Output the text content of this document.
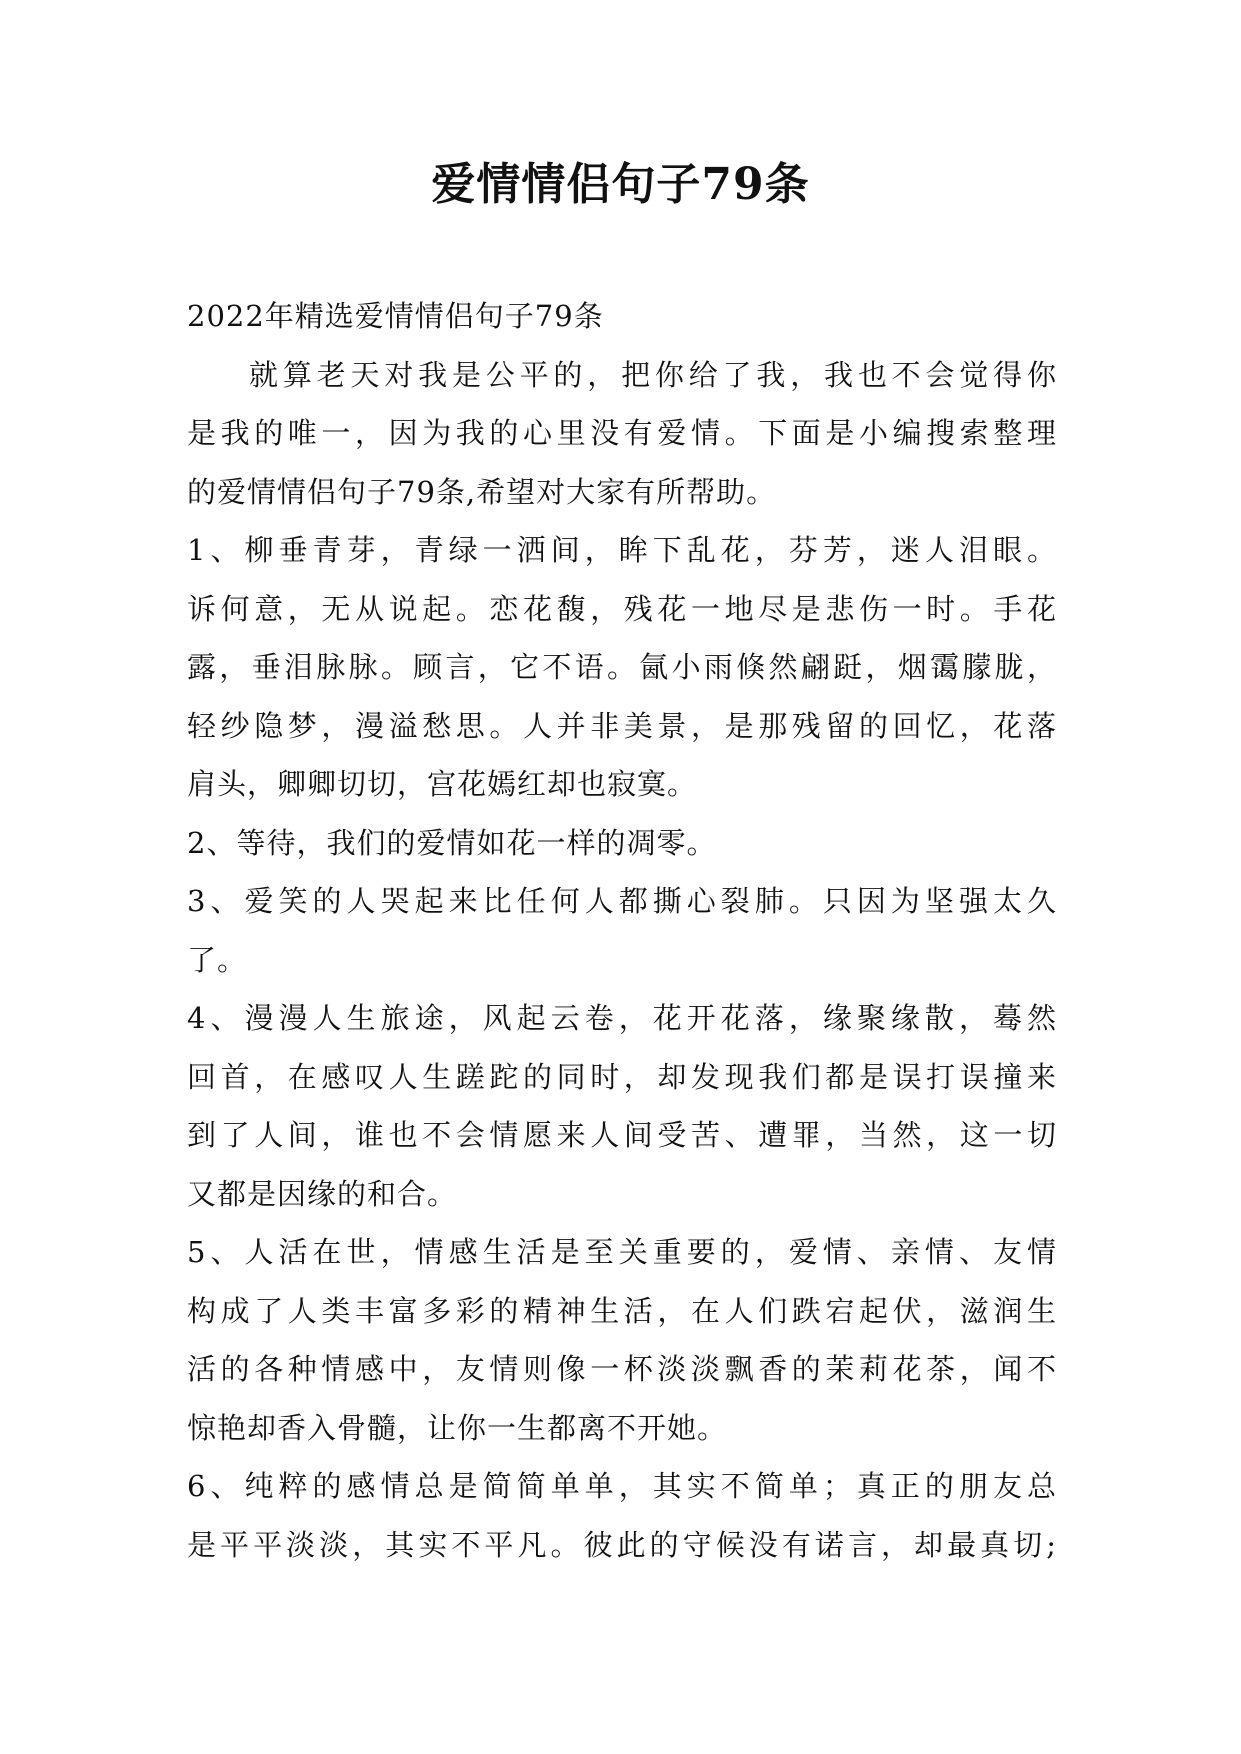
爱情情侣句子79条
2022年精选爱情情侣句子79条
就算老天对我是公平的，把你给了我，我也不会觉得你
是我的唯一，因为我的心里没有爱情。下面是小编搜索整理
的爱情情侣句子79条,希望对大家有所帮助。
1、柳垂青芽，青绿一洒间，眸下乱花，芬芳，迷人泪眼。
诉何意，无从说起。恋花馥，残花一地尽是悲伤一时。手花
露，垂泪脉脉。顾言，它不语。氤小雨倏然翩跹，烟霭朦胧，
轻纱隐梦，漫溢愁思。人并非美景，是那残留的回忆，花落
肩头，卿卿切切，宫花嫣红却也寂寞。
2、等待，我们的爱情如花一样的凋零。
3、爱笑的人哭起来比任何人都撕心裂肺。只因为坚强太久
了。
4、漫漫人生旅途，风起云卷，花开花落，缘聚缘散，蓦然
回首，在感叹人生蹉跎的同时，却发现我们都是误打误撞来
到了人间，谁也不会情愿来人间受苦、遭罪，当然，这一切
又都是因缘的和合。
5、人活在世，情感生活是至关重要的，爱情、亲情、友情
构成了人类丰富多彩的精神生活，在人们跌宕起伏，滋润生
活的各种情感中，友情则像一杯淡淡飘香的茉莉花茶，闻不
惊艳却香入骨髓，让你一生都离不开她。
6、纯粹的感情总是简简单单，其实不简单；真正的朋友总
是平平淡淡，其实不平凡。彼此的守候没有诺言，却最真切;
